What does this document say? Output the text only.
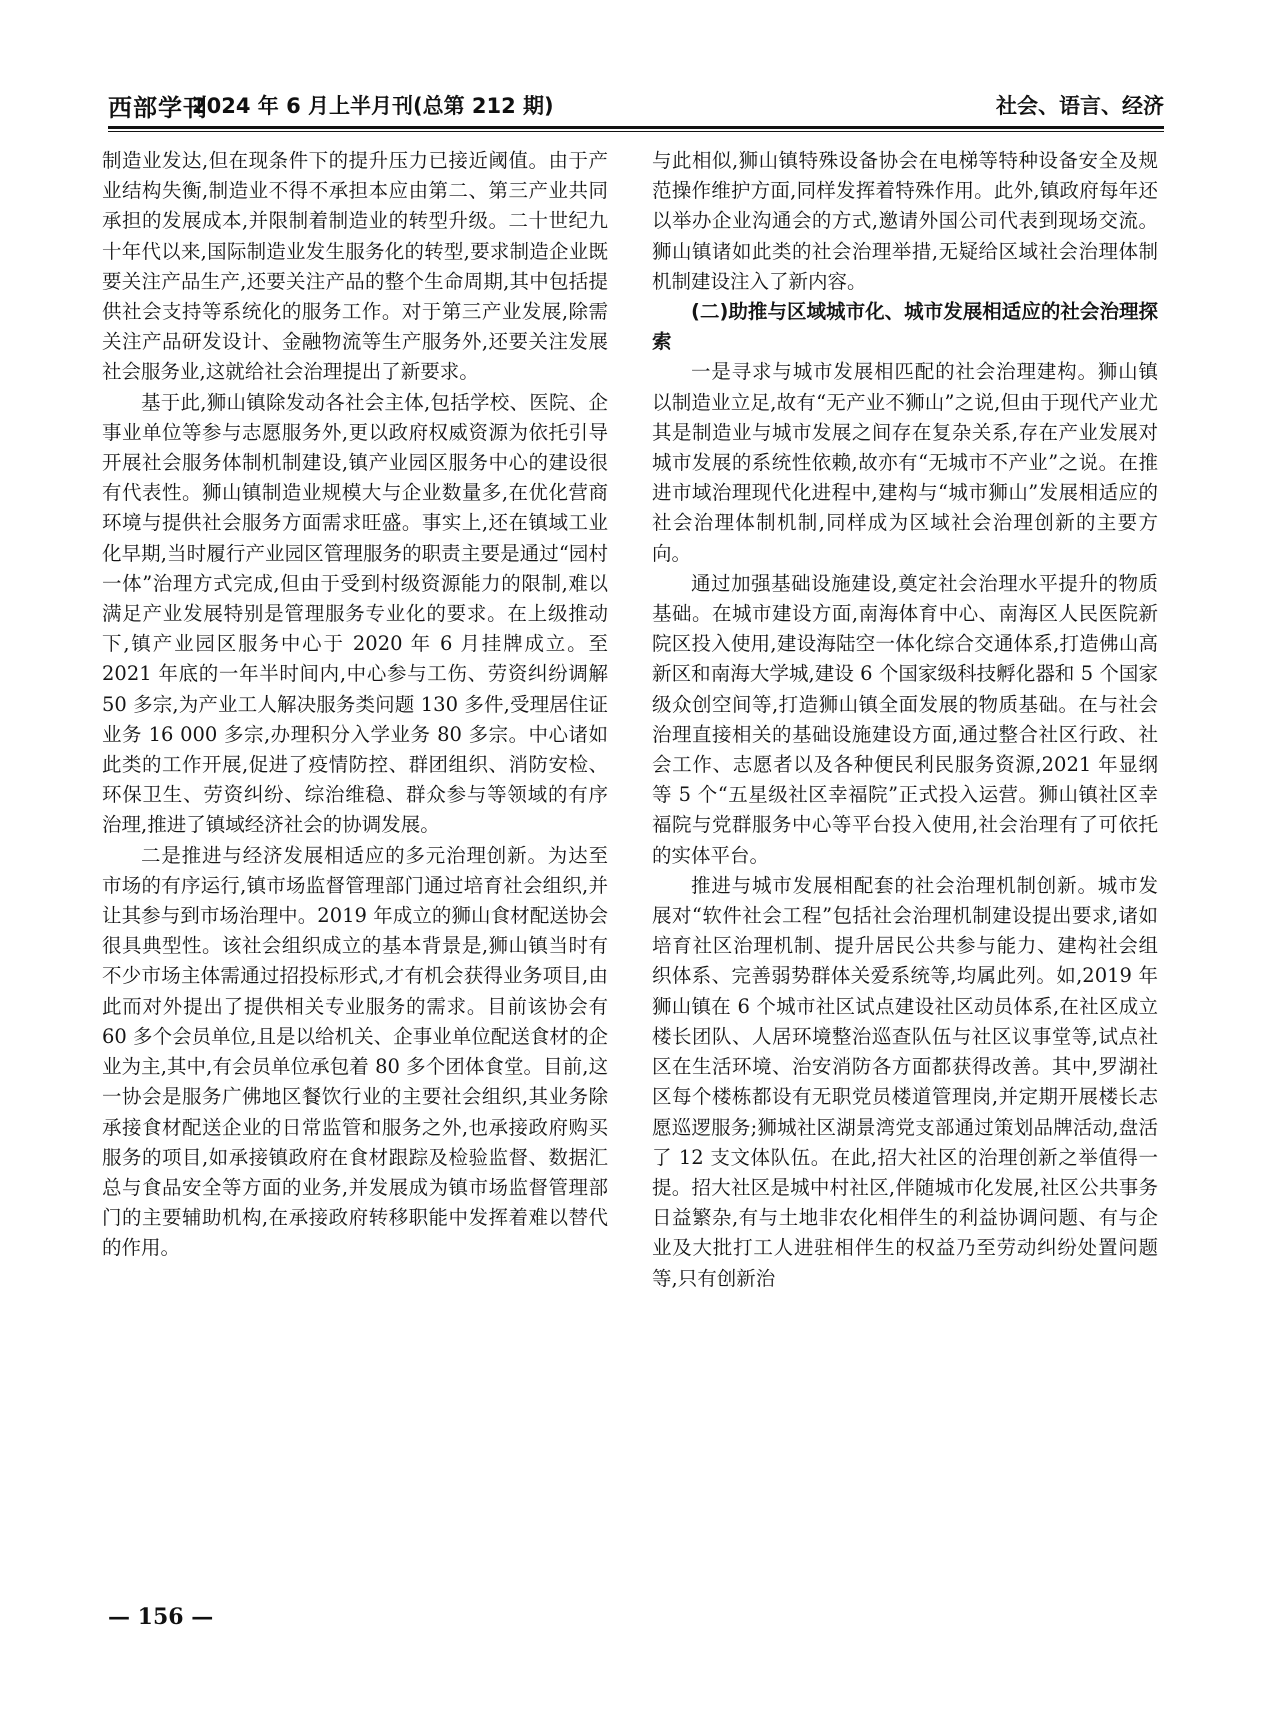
西部学刊
2024 年 6 月上半月刊(总第 212 期)	社会、语言、经济

制造业发达,但在现条件下的提升压力已接近阈值。由于产业结构失衡,制造业不得不承担本应由第二、第三产业共同承担的发展成本,并限制着制造业的转型升级。二十世纪九十年代以来,国际制造业发生服务化的转型,要求制造企业既要关注产品生产,还要关注产品的整个生命周期,其中包括提供社会支持等系统化的服务工作。对于第三产业发展,除需关注产品研发设计、金融物流等生产服务外,还要关注发展社会服务业,这就给社会治理提出了新要求。

基于此,狮山镇除发动各社会主体,包括学校、医院、企事业单位等参与志愿服务外,更以政府权威资源为依托引导开展社会服务体制机制建设,镇产业园区服务中心的建设很有代表性。狮山镇制造业规模大与企业数量多,在优化营商环境与提供社会服务方面需求旺盛。事实上,还在镇域工业化早期,当时履行产业园区管理服务的职责主要是通过“园村一体”治理方式完成,但由于受到村级资源能力的限制,难以满足产业发展特别是管理服务专业化的要求。在上级推动下,镇产业园区服务中心于 2020 年 6 月挂牌成立。至 2021 年底的一年半时间内,中心参与工伤、劳资纠纷调解 50 多宗,为产业工人解决服务类问题 130 多件,受理居住证业务 16 000 多宗,办理积分入学业务 80 多宗。中心诸如此类的工作开展,促进了疫情防控、群团组织、消防安检、环保卫生、劳资纠纷、综治维稳、群众参与等领域的有序治理,推进了镇域经济社会的协调发展。

二是推进与经济发展相适应的多元治理创新。为达至市场的有序运行,镇市场监督管理部门通过培育社会组织,并让其参与到市场治理中。2019 年成立的狮山食材配送协会很具典型性。该社会组织成立的基本背景是,狮山镇当时有不少市场主体需通过招投标形式,才有机会获得业务项目,由此而对外提出了提供相关专业服务的需求。目前该协会有 60 多个会员单位,且是以给机关、企事业单位配送食材的企业为主,其中,有会员单位承包着 80 多个团体食堂。目前,这一协会是服务广佛地区餐饮行业的主要社会组织,其业务除承接食材配送企业的日常监管和服务之外,也承接政府购买服务的项目,如承接镇政府在食材跟踪及检验监督、数据汇总与食品安全等方面的业务,并发展成为镇市场监督管理部门的主要辅助机构,在承接政府转移职能中发挥着难以替代的作用。

与此相似,狮山镇特殊设备协会在电梯等特种设备安全及规范操作维护方面,同样发挥着特殊作用。此外,镇政府每年还以举办企业沟通会的方式,邀请外国公司代表到现场交流。狮山镇诸如此类的社会治理举措,无疑给区域社会治理体制机制建设注入了新内容。

(二)助推与区域城市化、城市发展相适应的社会治理探索

一是寻求与城市发展相匹配的社会治理建构。狮山镇以制造业立足,故有“无产业不狮山”之说,但由于现代产业尤其是制造业与城市发展之间存在复杂关系,存在产业发展对城市发展的系统性依赖,故亦有“无城市不产业”之说。在推进市域治理现代化进程中,建构与“城市狮山”发展相适应的社会治理体制机制,同样成为区域社会治理创新的主要方向。

通过加强基础设施建设,奠定社会治理水平提升的物质基础。在城市建设方面,南海体育中心、南海区人民医院新院区投入使用,建设海陆空一体化综合交通体系,打造佛山高新区和南海大学城,建设 6 个国家级科技孵化器和 5 个国家级众创空间等,打造狮山镇全面发展的物质基础。在与社会治理直接相关的基础设施建设方面,通过整合社区行政、社会工作、志愿者以及各种便民利民服务资源,2021 年显纲等 5 个“五星级社区幸福院”正式投入运营。狮山镇社区幸福院与党群服务中心等平台投入使用,社会治理有了可依托的实体平台。

推进与城市发展相配套的社会治理机制创新。城市发展对“软件社会工程”包括社会治理机制建设提出要求,诸如培育社区治理机制、提升居民公共参与能力、建构社会组织体系、完善弱势群体关爱系统等,均属此列。如,2019 年狮山镇在 6 个城市社区试点建设社区动员体系,在社区成立楼长团队、人居环境整治巡查队伍与社区议事堂等,试点社区在生活环境、治安消防各方面都获得改善。其中,罗湖社区每个楼栋都设有无职党员楼道管理岗,并定期开展楼长志愿巡逻服务;狮城社区湖景湾党支部通过策划品牌活动,盘活了 12 支文体队伍。在此,招大社区的治理创新之举值得一提。招大社区是城中村社区,伴随城市化发展,社区公共事务日益繁杂,有与土地非农化相伴生的利益协调问题、有与企业及大批打工人进驻相伴生的权益乃至劳动纠纷处置问题等,只有创新治

— 156 —
